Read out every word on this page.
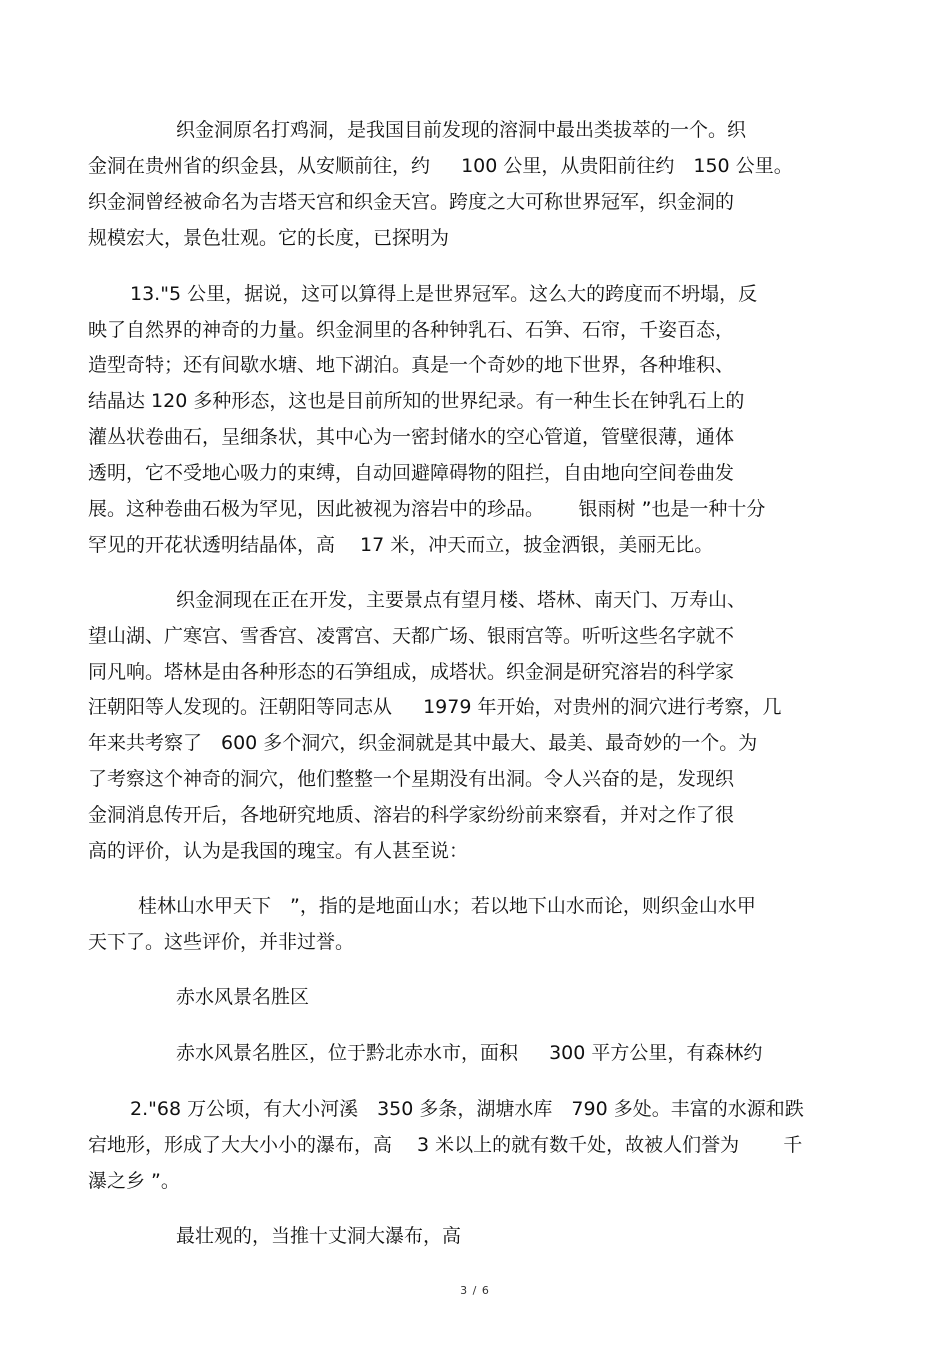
织金洞原名打鸡洞，是我国目前发现的溶洞中最出类拔萃的一个。织
金洞在贵州省的织金县，从安顺前往，约　  100 公里，从贵阳前往约　150 公里。
织金洞曾经被命名为吉塔天宫和织金天宫。跨度之大可称世界冠军，织金洞的
规模宏大，景色壮观。它的长度，已探明为
13."5 公里，据说，这可以算得上是世界冠军。这么大的跨度而不坍塌，反
映了自然界的神奇的力量。织金洞里的各种钟乳石、石笋、石帘，千姿百态，
造型奇特；还有间歇水塘、地下湖泊。真是一个奇妙的地下世界，各种堆积、
结晶达 120 多种形态，这也是目前所知的世界纪录。有一种生长在钟乳石上的
灌丛状卷曲石，呈细条状，其中心为一密封储水的空心管道，管壁很薄，通体
透明，它不受地心吸力的束缚，自动回避障碍物的阻拦，自由地向空间卷曲发
展。这种卷曲石极为罕见，因此被视为溶岩中的珍品。　　 银雨树 ”也是一种十分
罕见的开花状透明结晶体，高　 17 米，冲天而立，披金洒银，美丽无比。
织金洞现在正在开发，主要景点有望月楼、塔林、南天门、万寿山、
望山湖、广寒宫、雪香宫、凌霄宫、天都广场、银雨宫等。听听这些名字就不
同凡响。塔林是由各种形态的石笋组成，成塔状。织金洞是研究溶岩的科学家
汪朝阳等人发现的。汪朝阳等同志从　  1979 年开始，对贵州的洞穴进行考察，几
年来共考察了　600 多个洞穴，织金洞就是其中最大、最美、最奇妙的一个。为
了考察这个神奇的洞穴，他们整整一个星期没有出洞。令人兴奋的是，发现织
金洞消息传开后，各地研究地质、溶岩的科学家纷纷前来察看，并对之作了很
高的评价，认为是我国的瑰宝。有人甚至说：
桂林山水甲天下　”，指的是地面山水；若以地下山水而论，则织金山水甲
天下了。这些评价，并非过誉。
赤水风景名胜区
赤水风景名胜区，位于黔北赤水市，面积　  300 平方公里，有森林约
2."68 万公顷，有大小河溪　350 多条，湖塘水库　790 多处。丰富的水源和跌
宕地形，形成了大大小小的瀑布，高　 3 米以上的就有数千处，故被人们誉为　　 千
瀑之乡 ”。
最壮观的，当推十丈洞大瀑布，高
3 / 6
